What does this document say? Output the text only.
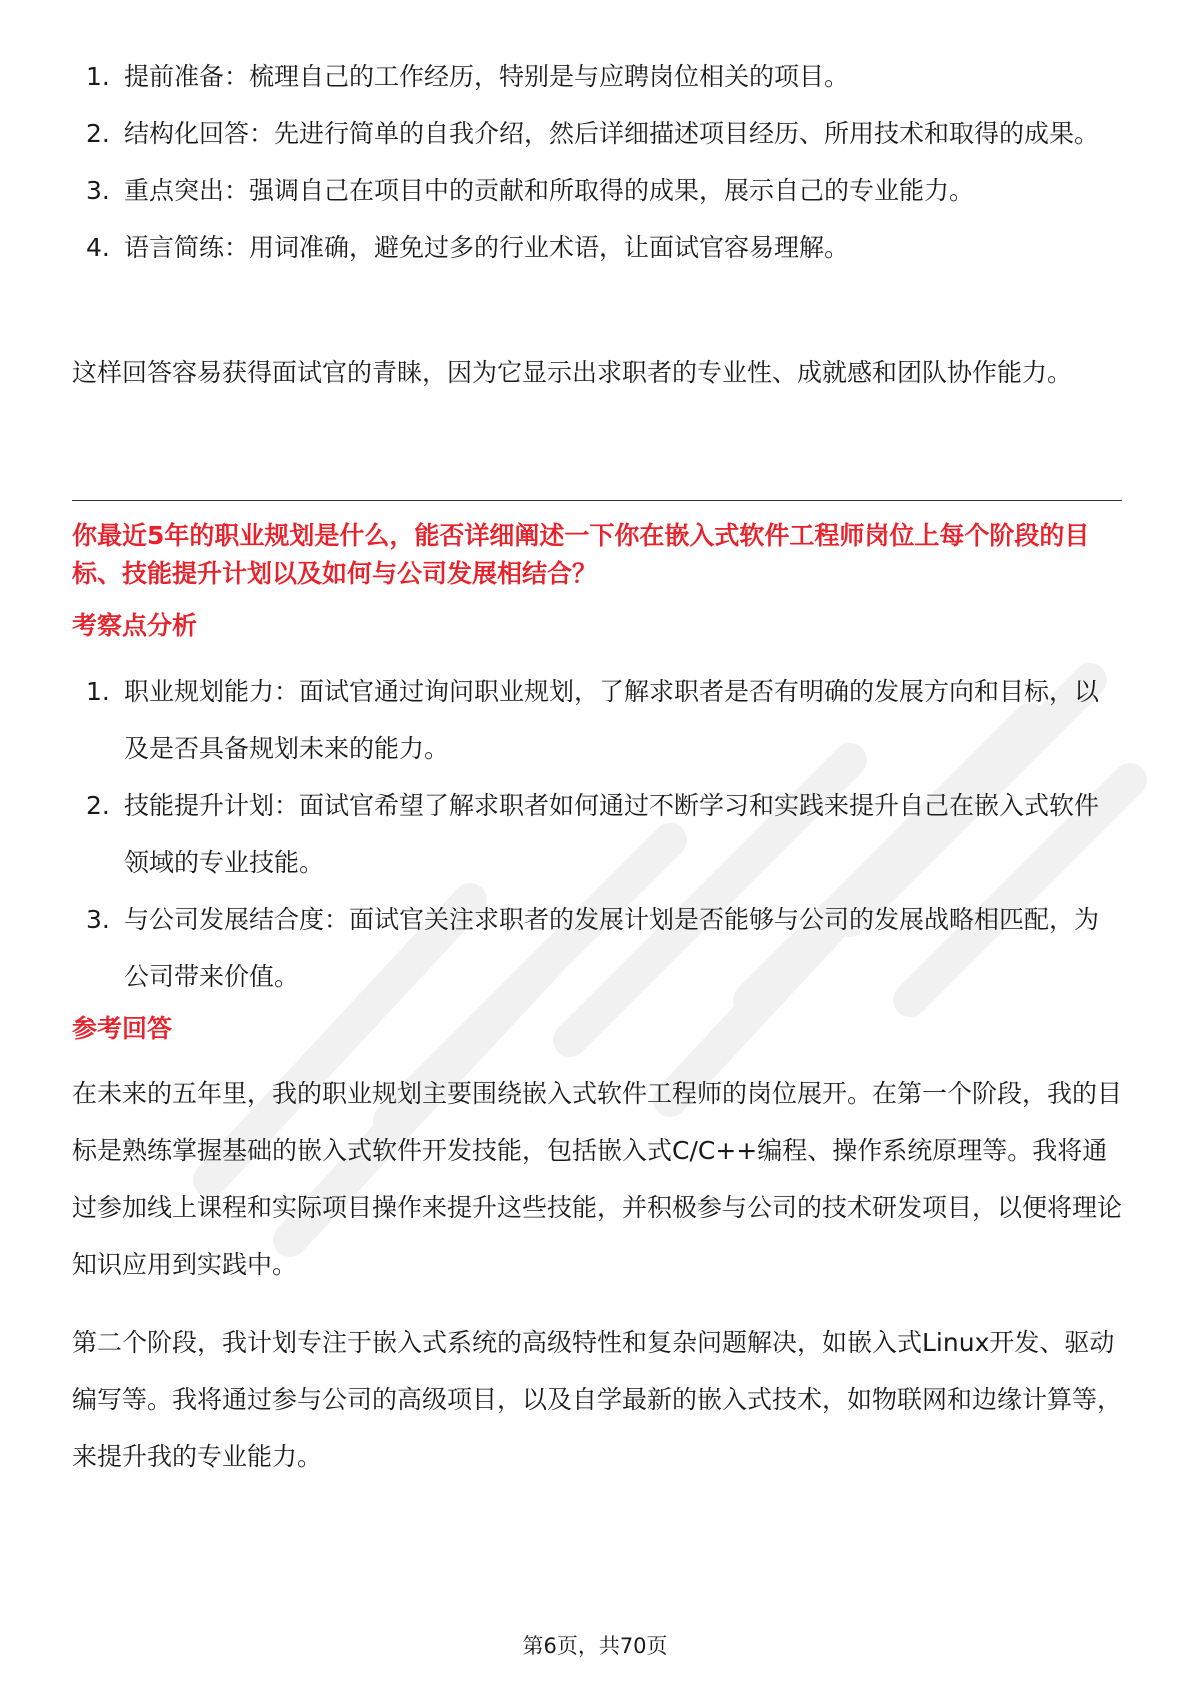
1. 提前准备：梳理自己的工作经历，特别是与应聘岗位相关的项目。
2. 结构化回答：先进行简单的自我介绍，然后详细描述项目经历、所用技术和取得的成果。
3. 重点突出：强调自己在项目中的贡献和所取得的成果，展示自己的专业能力。
4. 语言简练：用词准确，避免过多的行业术语，让面试官容易理解。

这样回答容易获得面试官的青睐，因为它显示出求职者的专业性、成就感和团队协作能力。

你最近5年的职业规划是什么，能否详细阐述一下你在嵌入式软件工程师岗位上每个阶段的目标、技能提升计划以及如何与公司发展相结合？

考察点分析

1. 职业规划能力：面试官通过询问职业规划，了解求职者是否有明确的发展方向和目标，以及是否具备规划未来的能力。
2. 技能提升计划：面试官希望了解求职者如何通过不断学习和实践来提升自己在嵌入式软件领域的专业技能。
3. 与公司发展结合度：面试官关注求职者的发展计划是否能够与公司的发展战略相匹配，为公司带来价值。

参考回答

在未来的五年里，我的职业规划主要围绕嵌入式软件工程师的岗位展开。在第一个阶段，我的目标是熟练掌握基础的嵌入式软件开发技能，包括嵌入式C/C++编程、操作系统原理等。我将通过参加线上课程和实际项目操作来提升这些技能，并积极参与公司的技术研发项目，以便将理论知识应用到实践中。

第二个阶段，我计划专注于嵌入式系统的高级特性和复杂问题解决，如嵌入式Linux开发、驱动编写等。我将通过参与公司的高级项目，以及自学最新的嵌入式技术，如物联网和边缘计算等，来提升我的专业能力。

第6页，共70页
